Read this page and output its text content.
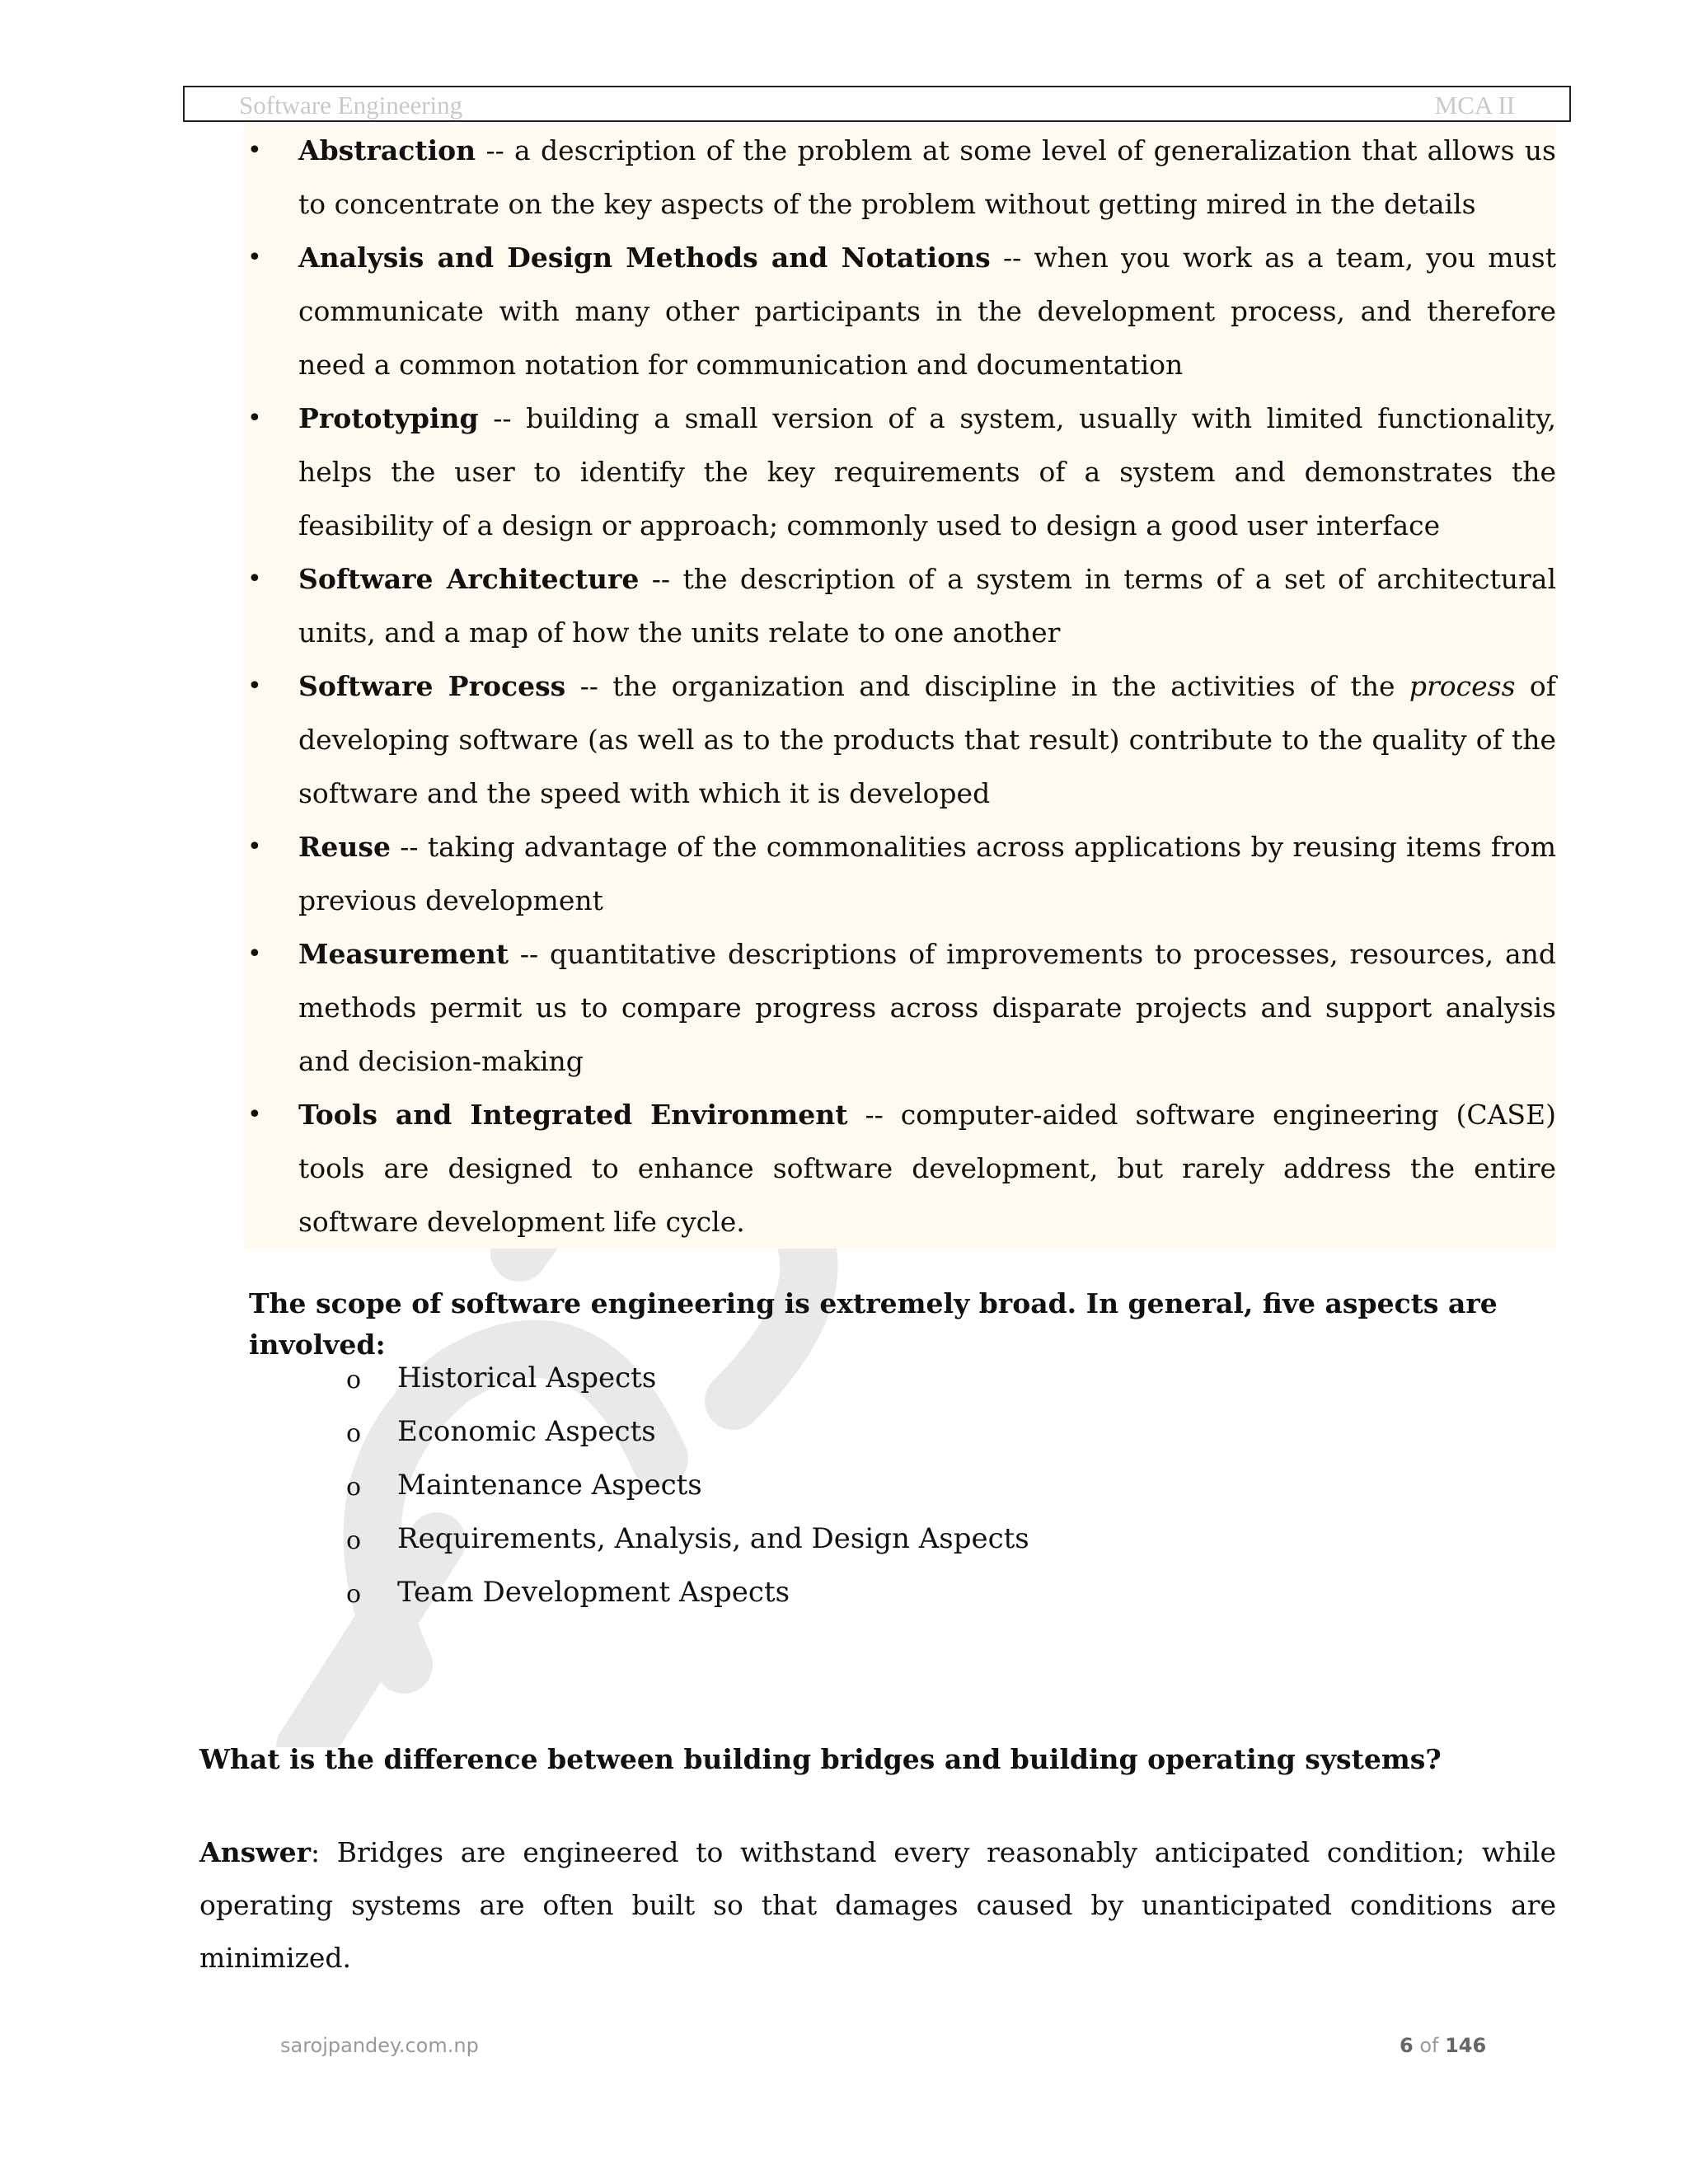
Software Engineering	MCA II
• Abstraction -- a description of the problem at some level of generalization that allows us to concentrate on the key aspects of the problem without getting mired in the details
• Analysis and Design Methods and Notations -- when you work as a team, you must communicate with many other participants in the development process, and therefore need a common notation for communication and documentation
• Prototyping -- building a small version of a system, usually with limited functionality, helps the user to identify the key requirements of a system and demonstrates the feasibility of a design or approach; commonly used to design a good user interface
• Software Architecture -- the description of a system in terms of a set of architectural units, and a map of how the units relate to one another
• Software Process -- the organization and discipline in the activities of the process of developing software (as well as to the products that result) contribute to the quality of the software and the speed with which it is developed
• Reuse -- taking advantage of the commonalities across applications by reusing items from previous development
• Measurement -- quantitative descriptions of improvements to processes, resources, and methods permit us to compare progress across disparate projects and support analysis and decision-making
• Tools and Integrated Environment -- computer-aided software engineering (CASE) tools are designed to enhance software development, but rarely address the entire software development life cycle.
The scope of software engineering is extremely broad. In general, five aspects are involved:
o Historical Aspects
o Economic Aspects
o Maintenance Aspects
o Requirements, Analysis, and Design Aspects
o Team Development Aspects
What is the difference between building bridges and building operating systems?
Answer: Bridges are engineered to withstand every reasonably anticipated condition; while operating systems are often built so that damages caused by unanticipated conditions are minimized.
sarojpandey.com.np	6 of 146
